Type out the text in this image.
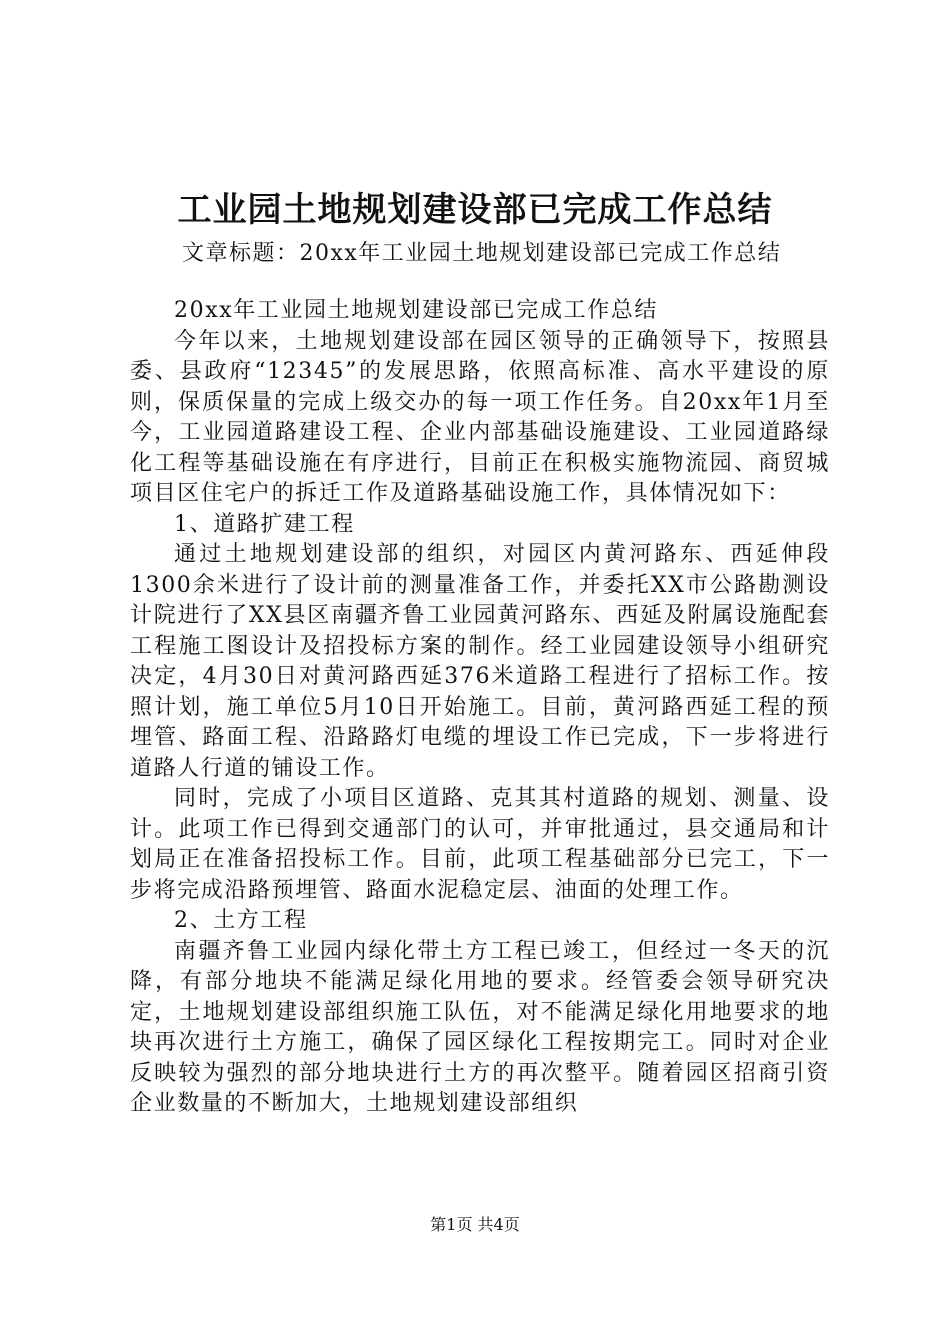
工业园土地规划建设部已完成工作总结
文章标题：20xx年工业园土地规划建设部已完成工作总结

20xx年工业园土地规划建设部已完成工作总结

今年以来，土地规划建设部在园区领导的正确领导下，按照县委、县政府“12345”的发展思路，依照高标准、高水平建设的原则，保质保量的完成上级交办的每一项工作任务。自20xx年1月至今，工业园道路建设工程、企业内部基础设施建设、工业园道路绿化工程等基础设施在有序进行，目前正在积极实施物流园、商贸城项目区住宅户的拆迁工作及道路基础设施工作，具体情况如下：

1、道路扩建工程

通过土地规划建设部的组织，对园区内黄河路东、西延伸段1300余米进行了设计前的测量准备工作，并委托XX市公路勘测设计院进行了XX县区南疆齐鲁工业园黄河路东、西延及附属设施配套工程施工图设计及招投标方案的制作。经工业园建设领导小组研究决定，4月30日对黄河路西延376米道路工程进行了招标工作。按照计划，施工单位5月10日开始施工。目前，黄河路西延工程的预埋管、路面工程、沿路路灯电缆的埋设工作已完成，下一步将进行道路人行道的铺设工作。

同时，完成了小项目区道路、克其其村道路的规划、测量、设计。此项工作已得到交通部门的认可，并审批通过，县交通局和计划局正在准备招投标工作。目前，此项工程基础部分已完工，下一步将完成沿路预埋管、路面水泥稳定层、油面的处理工作。

2、土方工程

南疆齐鲁工业园内绿化带土方工程已竣工，但经过一冬天的沉降，有部分地块不能满足绿化用地的要求。经管委会领导研究决定，土地规划建设部组织施工队伍，对不能满足绿化用地要求的地块再次进行土方施工，确保了园区绿化工程按期完工。同时对企业反映较为强烈的部分地块进行土方的再次整平。随着园区招商引资企业数量的不断加大，土地规划建设部组织

第1页 共4页
